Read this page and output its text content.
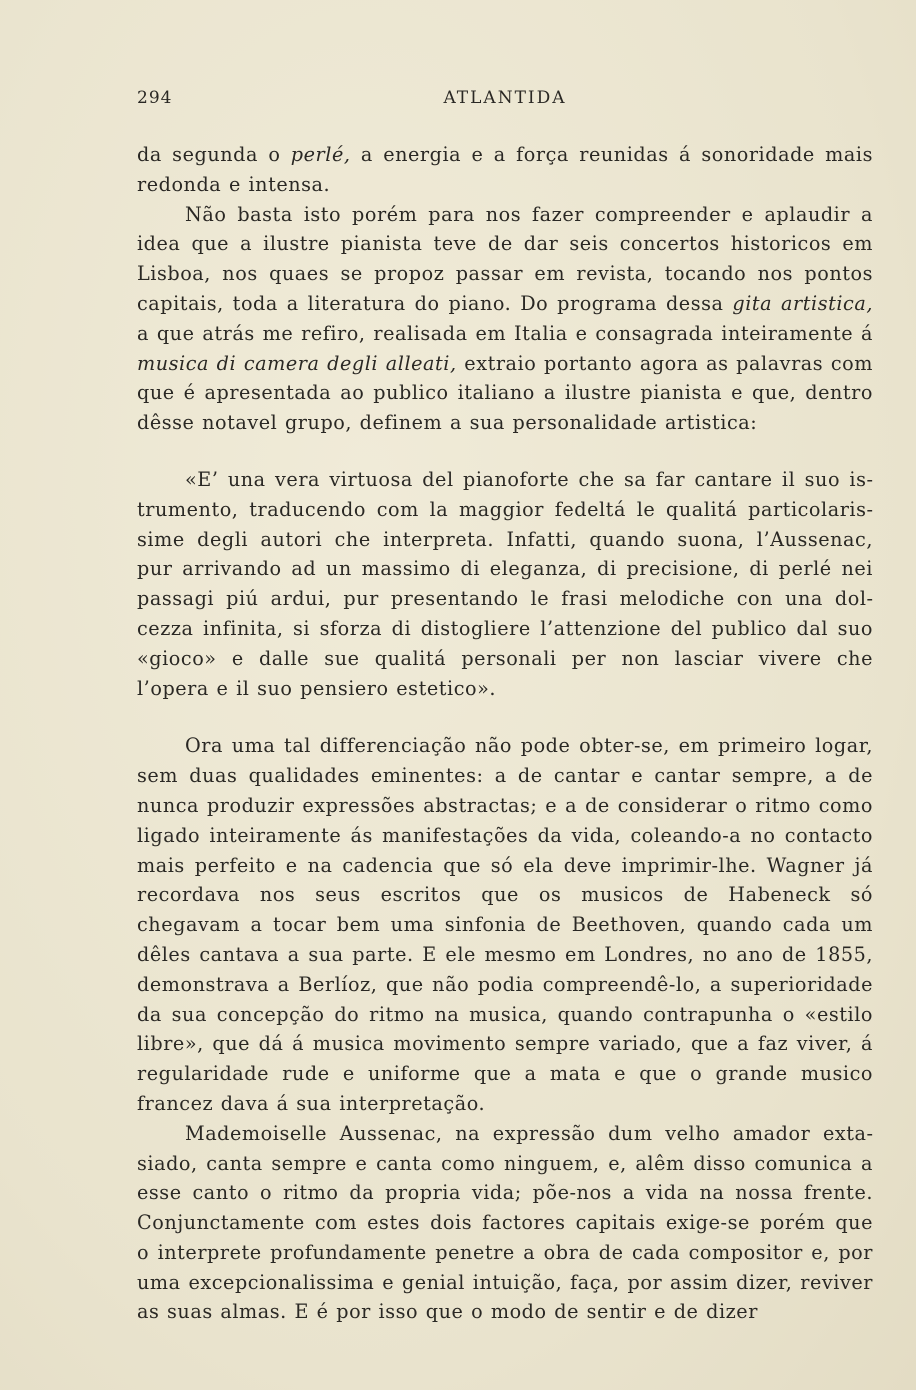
294	ATLANTIDA

da segunda o perlé, a energia e a força reunidas á sonoridade mais redonda e intensa.

Não basta isto porém para nos fazer compreender e aplaudir a idea que a ilustre pianista teve de dar seis concertos historicos em Lisboa, nos quaes se propoz passar em revista, tocando nos pontos capitais, toda a literatura do piano. Do programa dessa gita artistica, a que atrás me refiro, realisada em Italia e consagrada inteiramente á musica di camera degli alleati, extraio portanto agora as palavras com que é apresentada ao publico italiano a ilustre pianista e que, dentro dêsse notavel grupo, definem a sua personalidade artistica:

«E’ una vera virtuosa del pianoforte che sa far cantare il suo istrumento, traducendo com la maggior fedeltá le qualitá particolarissime degli autori che interpreta. Infatti, quando suona, l’Aussenac, pur arrivando ad un massimo di eleganza, di precisione, di perlé nei passagi piú ardui, pur presentando le frasi melodiche con una dolcezza infinita, si sforza di distogliere l’attenzione del publico dal suo «gioco» e dalle sue qualitá personali per non lasciar vivere che l’opera e il suo pensiero estetico».

Ora uma tal differenciação não pode obter-se, em primeiro logar, sem duas qualidades eminentes: a de cantar e cantar sempre, a de nunca produzir expressões abstractas; e a de considerar o ritmo como ligado inteiramente ás manifestações da vida, coleando-a no contacto mais perfeito e na cadencia que só ela deve imprimir-lhe. Wagner já recordava nos seus escritos que os musicos de Habeneck só chegavam a tocar bem uma sinfonia de Beethoven, quando cada um dêles cantava a sua parte. E ele mesmo em Londres, no ano de 1855, demonstrava a Berlíoz, que não podia compreendê-lo, a superioridade da sua concepção do ritmo na musica, quando contrapunha o «estilo libre», que dá á musica movimento sempre variado, que a faz viver, á regularidade rude e uniforme que a mata e que o grande musico francez dava á sua interpretação.

Mademoiselle Aussenac, na expressão dum velho amador extasiado, canta sempre e canta como ninguem, e, alêm disso comunica a esse canto o ritmo da propria vida; põe-nos a vida na nossa frente. Conjunctamente com estes dois factores capitais exige-se porém que o interprete profundamente penetre a obra de cada compositor e, por uma excepcionalissima e genial intuição, faça, por assim dizer, reviver as suas almas. E é por isso que o modo de sentir e de dizer
